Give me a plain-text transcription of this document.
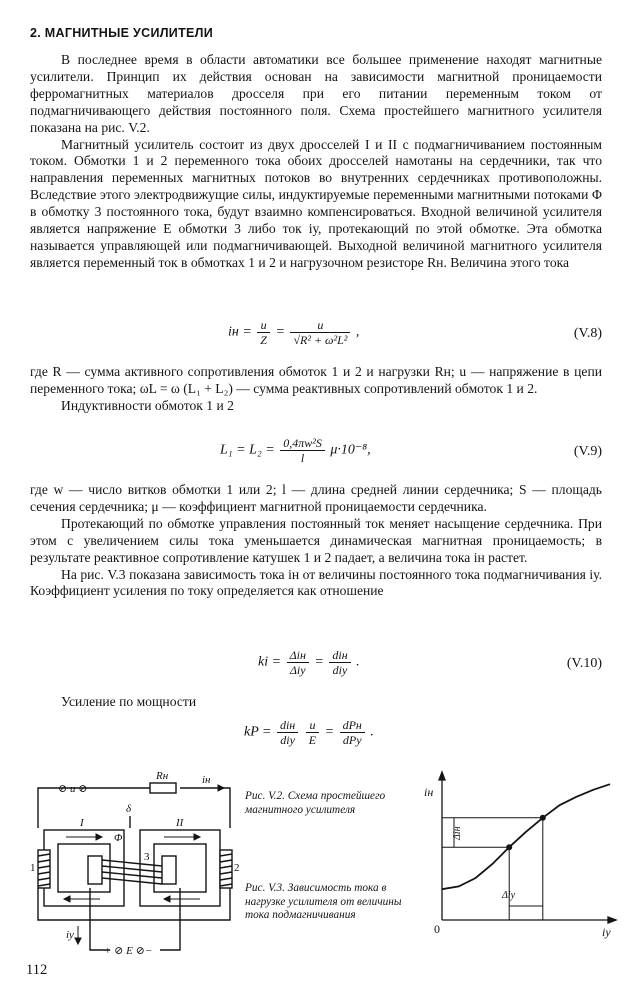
2. МАГНИТНЫЕ УСИЛИТЕЛИ

В последнее время в области автоматики все большее применение находят магнитные усилители. Принцип их действия основан на зависимости магнитной проницаемости ферромагнитных материалов дросселя при его питании переменным током от подмагничивающего действия постоянного поля. Схема простейшего магнитного усилителя показана на рис. V.2.

Магнитный усилитель состоит из двух дросселей I и II с подмагничиванием постоянным током. Обмотки 1 и 2 переменного тока обоих дросселей намотаны на сердечники, так что направления переменных магнитных потоков во внутренних сердечниках противоположны. Вследствие этого электродвижущие силы, индуктируемые переменными магнитными потоками Φ в обмотку 3 постоянного тока, будут взаимно компенсироваться. Входной величиной усилителя является напряжение E обмотки 3 либо ток iу, протекающий по этой обмотке. Эта обмотка называется управляющей или подмагничивающей. Выходной величиной магнитного усилителя является переменный ток в обмотках 1 и 2 и нагрузочном резисторе Rн. Величина этого тока

iн = $\frac{u}{Z} = \frac{u}{\text{√R² + ω²L²}}$ ,	(V.8)

где R — сумма активного сопротивления обмоток 1 и 2 и нагрузки Rн; u — напряжение в цепи переменного тока; ωL = ω (L₁ + L₂) — сумма реактивных сопротивлений обмоток 1 и 2.

Индуктивности обмоток 1 и 2

$L_1 = L_2 = \frac{\text{0,4πw²S}}{l} \mu\cdot 10^{-8}$,	(V.9)

где w — число витков обмотки 1 или 2; l — длина средней линии сердечника; S — площадь сечения сердечника; μ — коэффициент магнитной проницаемости сердечника.

Протекающий по обмотке управления постоянный ток меняет насыщение сердечника. При этом с увеличением силы тока уменьшается динамическая магнитная проницаемость; в результате реактивное сопротивление катушек 1 и 2 падает, а величина тока iн растет.

На рис. V.3 показана зависимость тока iн от величины постоянного тока подмагничивания iу. Коэффициент усиления по току определяется как отношение

ki = $\frac{\text{Δiн}}{\text{Δiу}} = \frac{\text{diн}}{\text{diу}}$ .	(V.10)

Усиление по мощности

kP = $\frac{\text{diн}}{\text{diу}}$
$\frac{u}{E} = \frac{\text{dPн}}{\text{dPу}}$ .
⊘ u ⊘
Rн	iн
I	II
δ
Φ
1	2
3
iу
+ ⊘ E ⊘−
Рис. V.2. Схема простейшего магнитного усилителя
Рис. V.3. Зависимость тока в нагрузке усилителя от величины тока подмагничивания
iн
iу
0
Δiн
Δiу
112
